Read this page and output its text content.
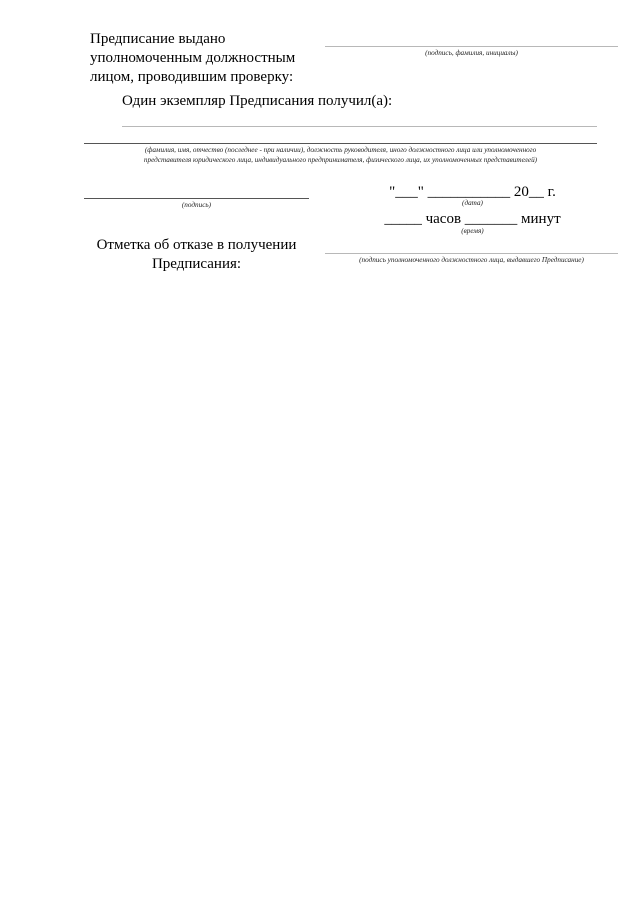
Предписание выдано
уполномоченным должностным
лицом, проводившим проверку:
(подпись, фамилия, инициалы)
Один экземпляр Предписания получил(а):
(фамилия, имя, отчество (последнее - при наличии), должность руководителя, иного должностного лица или уполномоченного
представителя юридического лица, индивидуального предпринимателя, физического лица, их уполномоченных представителей)
(подпись)
"___" ___________ 20__ г.
(дата)
_____ часов _______ минут
(время)
Отметка об отказе в получении
Предписания:	(подпись уполномоченного должностного лица, выдавшего Предписание)
